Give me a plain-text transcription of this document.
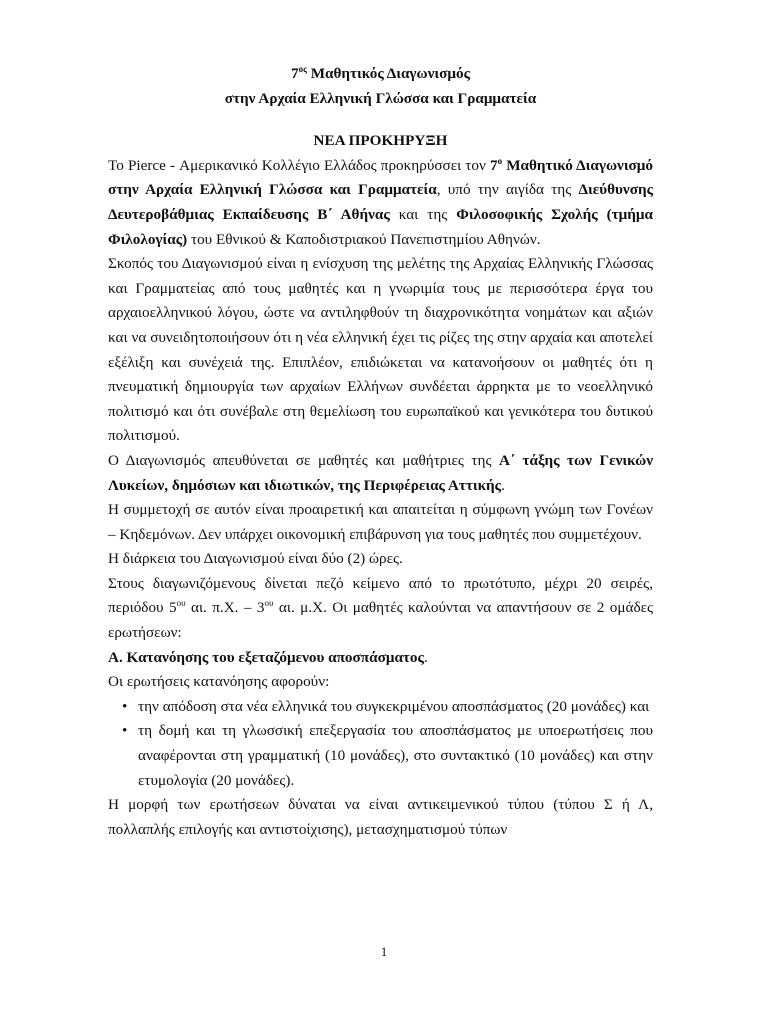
$7^{o\varsigma}$ Μαθητικός Διαγωνισμός
στην Αρχαία Ελληνική Γλώσσα και Γραμματεία
ΝΕΑ ΠΡΟΚΗΡΥΞΗ

Το Pierce - Αμερικανικό Κολλέγιο Ελλάδος προκηρύσσει τον $7^o$ Μαθητικό Διαγωνισμό στην Αρχαία Ελληνική Γλώσσα και Γραμματεία, υπό την αιγίδα της Διεύθυνσης Δευτεροβάθμιας Εκπαίδευσης Β΄ Αθήνας και της Φιλοσοφικής Σχολής (τμήμα Φιλολογίας) του Εθνικού & Καποδιστριακού Πανεπιστημίου Αθηνών.

Σκοπός του Διαγωνισμού είναι η ενίσχυση της μελέτης της Αρχαίας Ελληνικής Γλώσσας και Γραμματείας από τους μαθητές και η γνωριμία τους με περισσότερα έργα του αρχαιοελληνικού λόγου, ώστε να αντιληφθούν τη διαχρονικότητα νοημάτων και αξιών και να συνειδητοποιήσουν ότι η νέα ελληνική έχει τις ρίζες της στην αρχαία και αποτελεί εξέλιξη και συνέχειά της. Επιπλέον, επιδιώκεται να κατανοήσουν οι μαθητές ότι η πνευματική δημιουργία των αρχαίων Ελλήνων συνδέεται άρρηκτα με το νεοελληνικό πολιτισμό και ότι συνέβαλε στη θεμελίωση του ευρωπαϊκού και γενικότερα του δυτικού πολιτισμού.

Ο Διαγωνισμός απευθύνεται σε μαθητές και μαθήτριες της Α΄ τάξης των Γενικών Λυκείων, δημόσιων και ιδιωτικών, της Περιφέρειας Αττικής.

Η συμμετοχή σε αυτόν είναι προαιρετική και απαιτείται η σύμφωνη γνώμη των Γονέων – Κηδεμόνων. Δεν υπάρχει οικονομική επιβάρυνση για τους μαθητές που συμμετέχουν.

Η διάρκεια του Διαγωνισμού είναι δύο (2) ώρες.

Στους διαγωνιζόμενους δίνεται πεζό κείμενο από το πρωτότυπο, μέχρι 20 σειρές, περιόδου $5^{o\upsilon}$ αι. π.Χ. – $3^{o\upsilon}$ αι. μ.Χ. Οι μαθητές καλούνται να απαντήσουν σε 2 ομάδες ερωτήσεων:

Α. Κατανόησης του εξεταζόμενου αποσπάσματος.

Οι ερωτήσεις κατανόησης αφορούν:

• την απόδοση στα νέα ελληνικά του συγκεκριμένου αποσπάσματος (20 μονάδες) και
• τη δομή και τη γλωσσική επεξεργασία του αποσπάσματος με υποερωτήσεις που αναφέρονται στη γραμματική (10 μονάδες), στο συντακτικό (10 μονάδες) και στην ετυμολογία (20 μονάδες).

Η μορφή των ερωτήσεων δύναται να είναι αντικειμενικού τύπου (τύπου Σ ή Λ, πολλαπλής επιλογής και αντιστοίχισης), μετασχηματισμού τύπων

1
